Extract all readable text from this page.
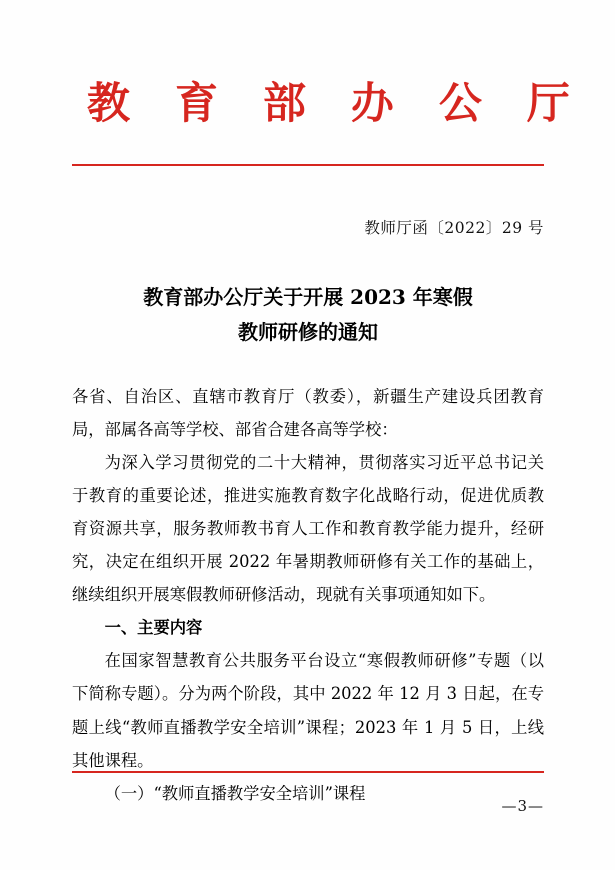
教 育 部 办 公 厅
教师厅函〔2022〕29 号
教育部办公厅关于开展 2023 年寒假
教师研修的通知

各省、自治区、直辖市教育厅（教委），新疆生产建设兵团教育局，部属各高等学校、部省合建各高等学校：

为深入学习贯彻党的二十大精神，贯彻落实习近平总书记关于教育的重要论述，推进实施教育数字化战略行动，促进优质教育资源共享，服务教师教书育人工作和教育教学能力提升，经研究，决定在组织开展 2022 年暑期教师研修有关工作的基础上，继续组织开展寒假教师研修活动，现就有关事项通知如下。

一、主要内容

在国家智慧教育公共服务平台设立“寒假教师研修”专题（以下简称专题）。分为两个阶段，其中 2022 年 12 月 3 日起，在专题上线“教师直播教学安全培训”课程；2023 年 1 月 5 日，上线其他课程。

（一）“教师直播教学安全培训”课程

—3—
